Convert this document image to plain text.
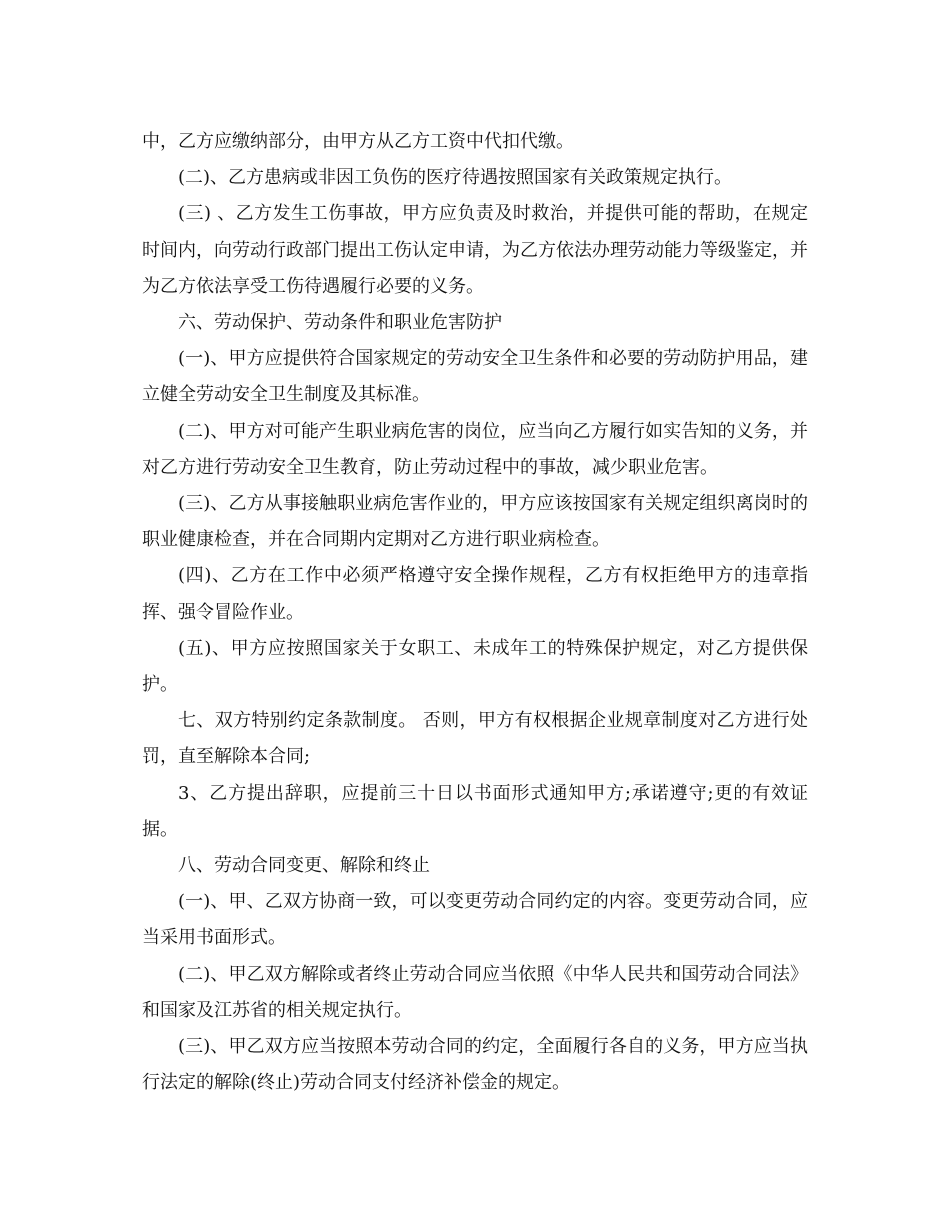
中，乙方应缴纳部分，由甲方从乙方工资中代扣代缴。

(二)、乙方患病或非因工负伤的医疗待遇按照国家有关政策规定执行。

(三) 、乙方发生工伤事故，甲方应负责及时救治，并提供可能的帮助，在规定时间内，向劳动行政部门提出工伤认定申请，为乙方依法办理劳动能力等级鉴定，并为乙方依法享受工伤待遇履行必要的义务。

六、劳动保护、劳动条件和职业危害防护

(一)、甲方应提供符合国家规定的劳动安全卫生条件和必要的劳动防护用品，建立健全劳动安全卫生制度及其标准。

(二)、甲方对可能产生职业病危害的岗位，应当向乙方履行如实告知的义务，并对乙方进行劳动安全卫生教育，防止劳动过程中的事故，减少职业危害。

(三)、乙方从事接触职业病危害作业的，甲方应该按国家有关规定组织离岗时的职业健康检查，并在合同期内定期对乙方进行职业病检查。

(四)、乙方在工作中必须严格遵守安全操作规程，乙方有权拒绝甲方的违章指挥、强令冒险作业。

(五)、甲方应按照国家关于女职工、未成年工的特殊保护规定，对乙方提供保护。

七、双方特别约定条款制度。 否则，甲方有权根据企业规章制度对乙方进行处罚，直至解除本合同;

3、乙方提出辞职，应提前三十日以书面形式通知甲方;承诺遵守;更的有效证据。

八、劳动合同变更、解除和终止

(一)、甲、乙双方协商一致，可以变更劳动合同约定的内容。变更劳动合同，应当采用书面形式。

(二)、甲乙双方解除或者终止劳动合同应当依照《中华人民共和国劳动合同法》和国家及江苏省的相关规定执行。

(三)、甲乙双方应当按照本劳动合同的约定，全面履行各自的义务，甲方应当执行法定的解除(终止)劳动合同支付经济补偿金的规定。
